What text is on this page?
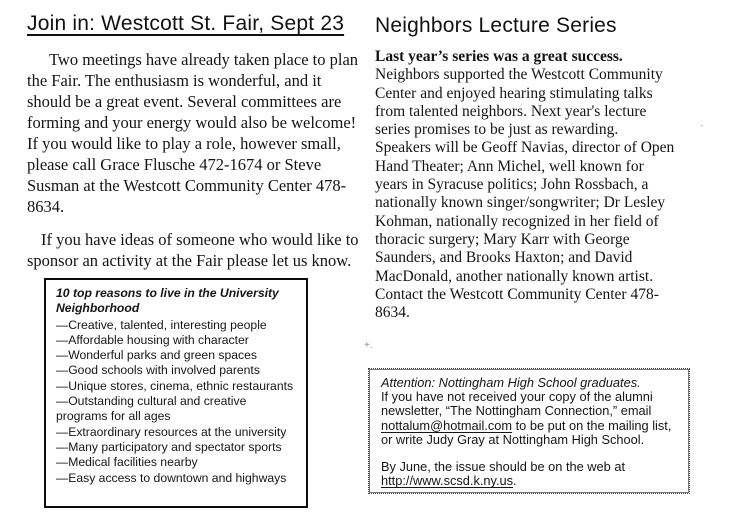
Join in: Westcott St. Fair, Sept 23

Two meetings have already taken place to plan the Fair. The enthusiasm is wonderful, and it should be a great event. Several committees are forming and your energy would also be welcome! If you would like to play a role, however small, please call Grace Flusche 472-1674 or Steve Susman at the Westcott Community Center 478-8634.

If you have ideas of someone who would like to sponsor an activity at the Fair please let us know.

10 top reasons to live in the University Neighborhood
—Creative, talented, interesting people
—Affordable housing with character
—Wonderful parks and green spaces
—Good schools with involved parents
—Unique stores, cinema, ethnic restaurants
—Outstanding cultural and creative programs for all ages
—Extraordinary resources at the university
—Many participatory and spectator sports
—Medical facilities nearby
—Easy access to downtown and highways
Neighbors Lecture Series

Last year’s series was a great success. Neighbors supported the Westcott Community Center and enjoyed hearing stimulating talks from talented neighbors. Next year's lecture series promises to be just as rewarding. Speakers will be Geoff Navias, director of Open Hand Theater; Ann Michel, well known for years in Syracuse politics; John Rossbach, a nationally known singer/songwriter; Dr Lesley Kohman, nationally recognized in her field of thoracic surgery; Mary Karr with George Saunders, and Brooks Haxton; and David MacDonald, another nationally known artist. Contact the Westcott Community Center 478-8634.

Attention: Nottingham High School graduates.

If you have not received your copy of the alumni newsletter, “The Nottingham Connection,” email nottalum@hotmail.com to be put on the mailing list, or write Judy Gray at Nottingham High School.

By June, the issue should be on the web at http://www.scsd.k.ny.us.

+.
·
